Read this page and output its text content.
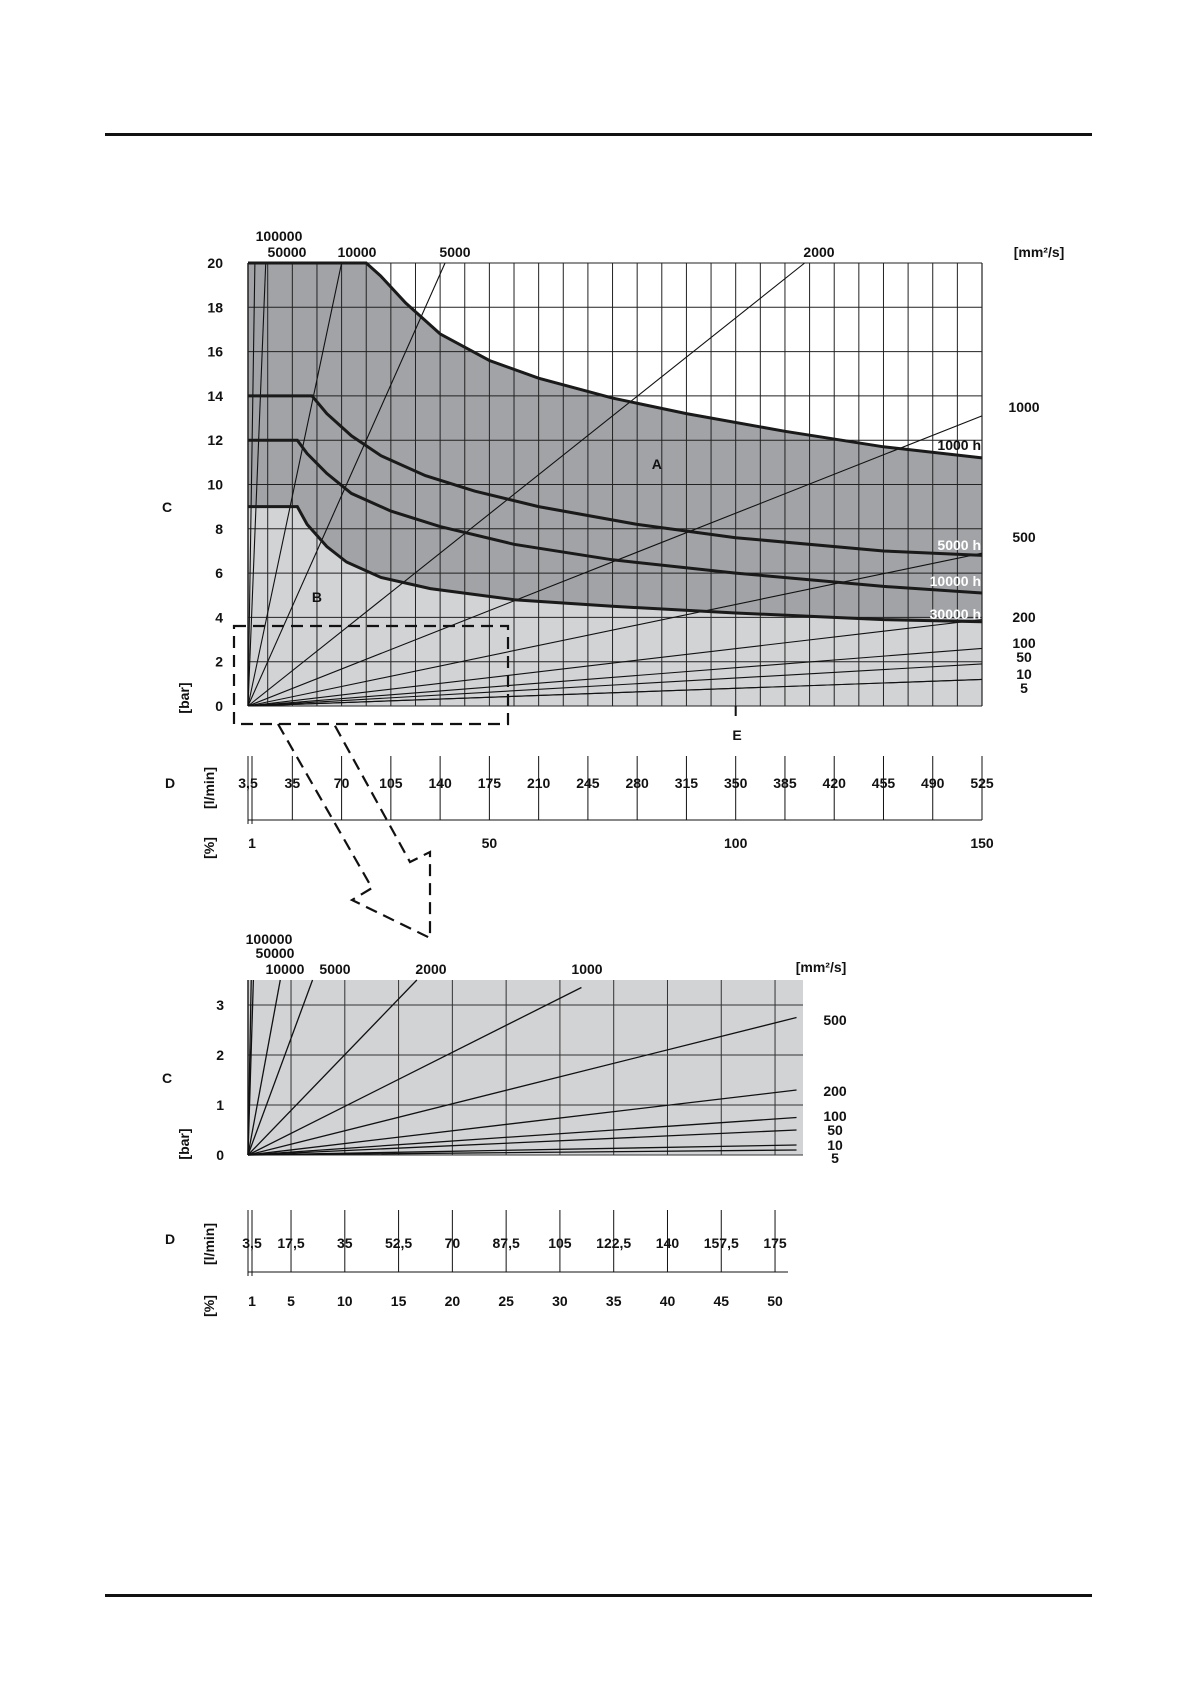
0
2
4
6
8
10
12
14
16
18
20
5
10
50
100
200
500
1000
2000
5000
10000
50000
100000
[mm²/s]
1000 h
5000 h
10000 h
30000 h
A
B
C
[bar]
E
3,5 35 70 105 140 175 210 245 280 315 350 385 420 455 490 525
D [l/min]
1	50	100	150
[%]
0
1
2
3
5
10
50
100
200
500
1000
2000
5000
10000
50000
100000
[mm²/s]
C
[bar]
3,5 17,5 35 52,5 70 87,5 105 122,5 140 157,5 175
D [l/min]
1 5	10	15	20	25	30	35	40	45	50
[%]
